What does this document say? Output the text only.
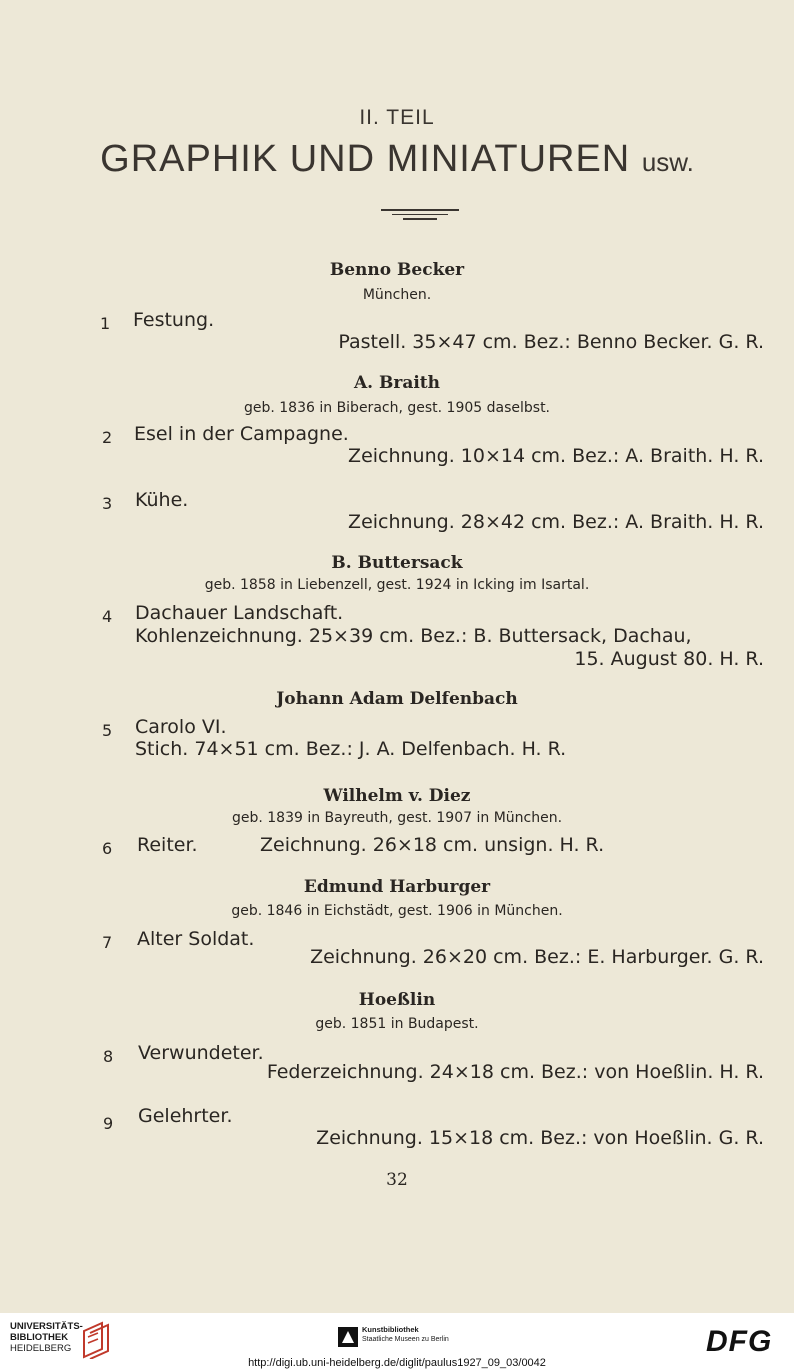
II. TEIL
GRAPHIK UND MINIATUREN usw.
Benno Becker
München.
1 Festung.
Pastell. 35×47 cm. Bez.: Benno Becker. G. R.
A. Braith
geb. 1836 in Biberach, gest. 1905 daselbst.
2 Esel in der Campagne.
Zeichnung. 10×14 cm. Bez.: A. Braith. H. R.
3 Kühe.
Zeichnung. 28×42 cm. Bez.: A. Braith. H. R.
B. Buttersack
geb. 1858 in Liebenzell, gest. 1924 in Icking im Isartal.
4 Dachauer Landschaft.
Kohlenzeichnung. 25×39 cm. Bez.: B. Buttersack, Dachau,
15. August 80. H. R.
Johann Adam Delfenbach
5 Carolo VI.
Stich. 74×51 cm. Bez.: J. A. Delfenbach. H. R.
Wilhelm v. Diez
geb. 1839 in Bayreuth, gest. 1907 in München.
6 Reiter.	Zeichnung. 26×18 cm. unsign. H. R.
Edmund Harburger
geb. 1846 in Eichstädt, gest. 1906 in München.
7 Alter Soldat.
Zeichnung. 26×20 cm. Bez.: E. Harburger. G. R.
Hoeßlin
geb. 1851 in Budapest.
8 Verwundeter.
Federzeichnung. 24×18 cm. Bez.: von Hoeßlin. H. R.
9 Gelehrter.
Zeichnung. 15×18 cm. Bez.: von Hoeßlin. G. R.
32
UNIVERSITÄTS-
BIBLIOTHEK
HEIDELBERG
Kunstbibliothek
Staatliche Museen zu Berlin	DFG
http://digi.ub.uni-heidelberg.de/diglit/paulus1927_09_03/0042
